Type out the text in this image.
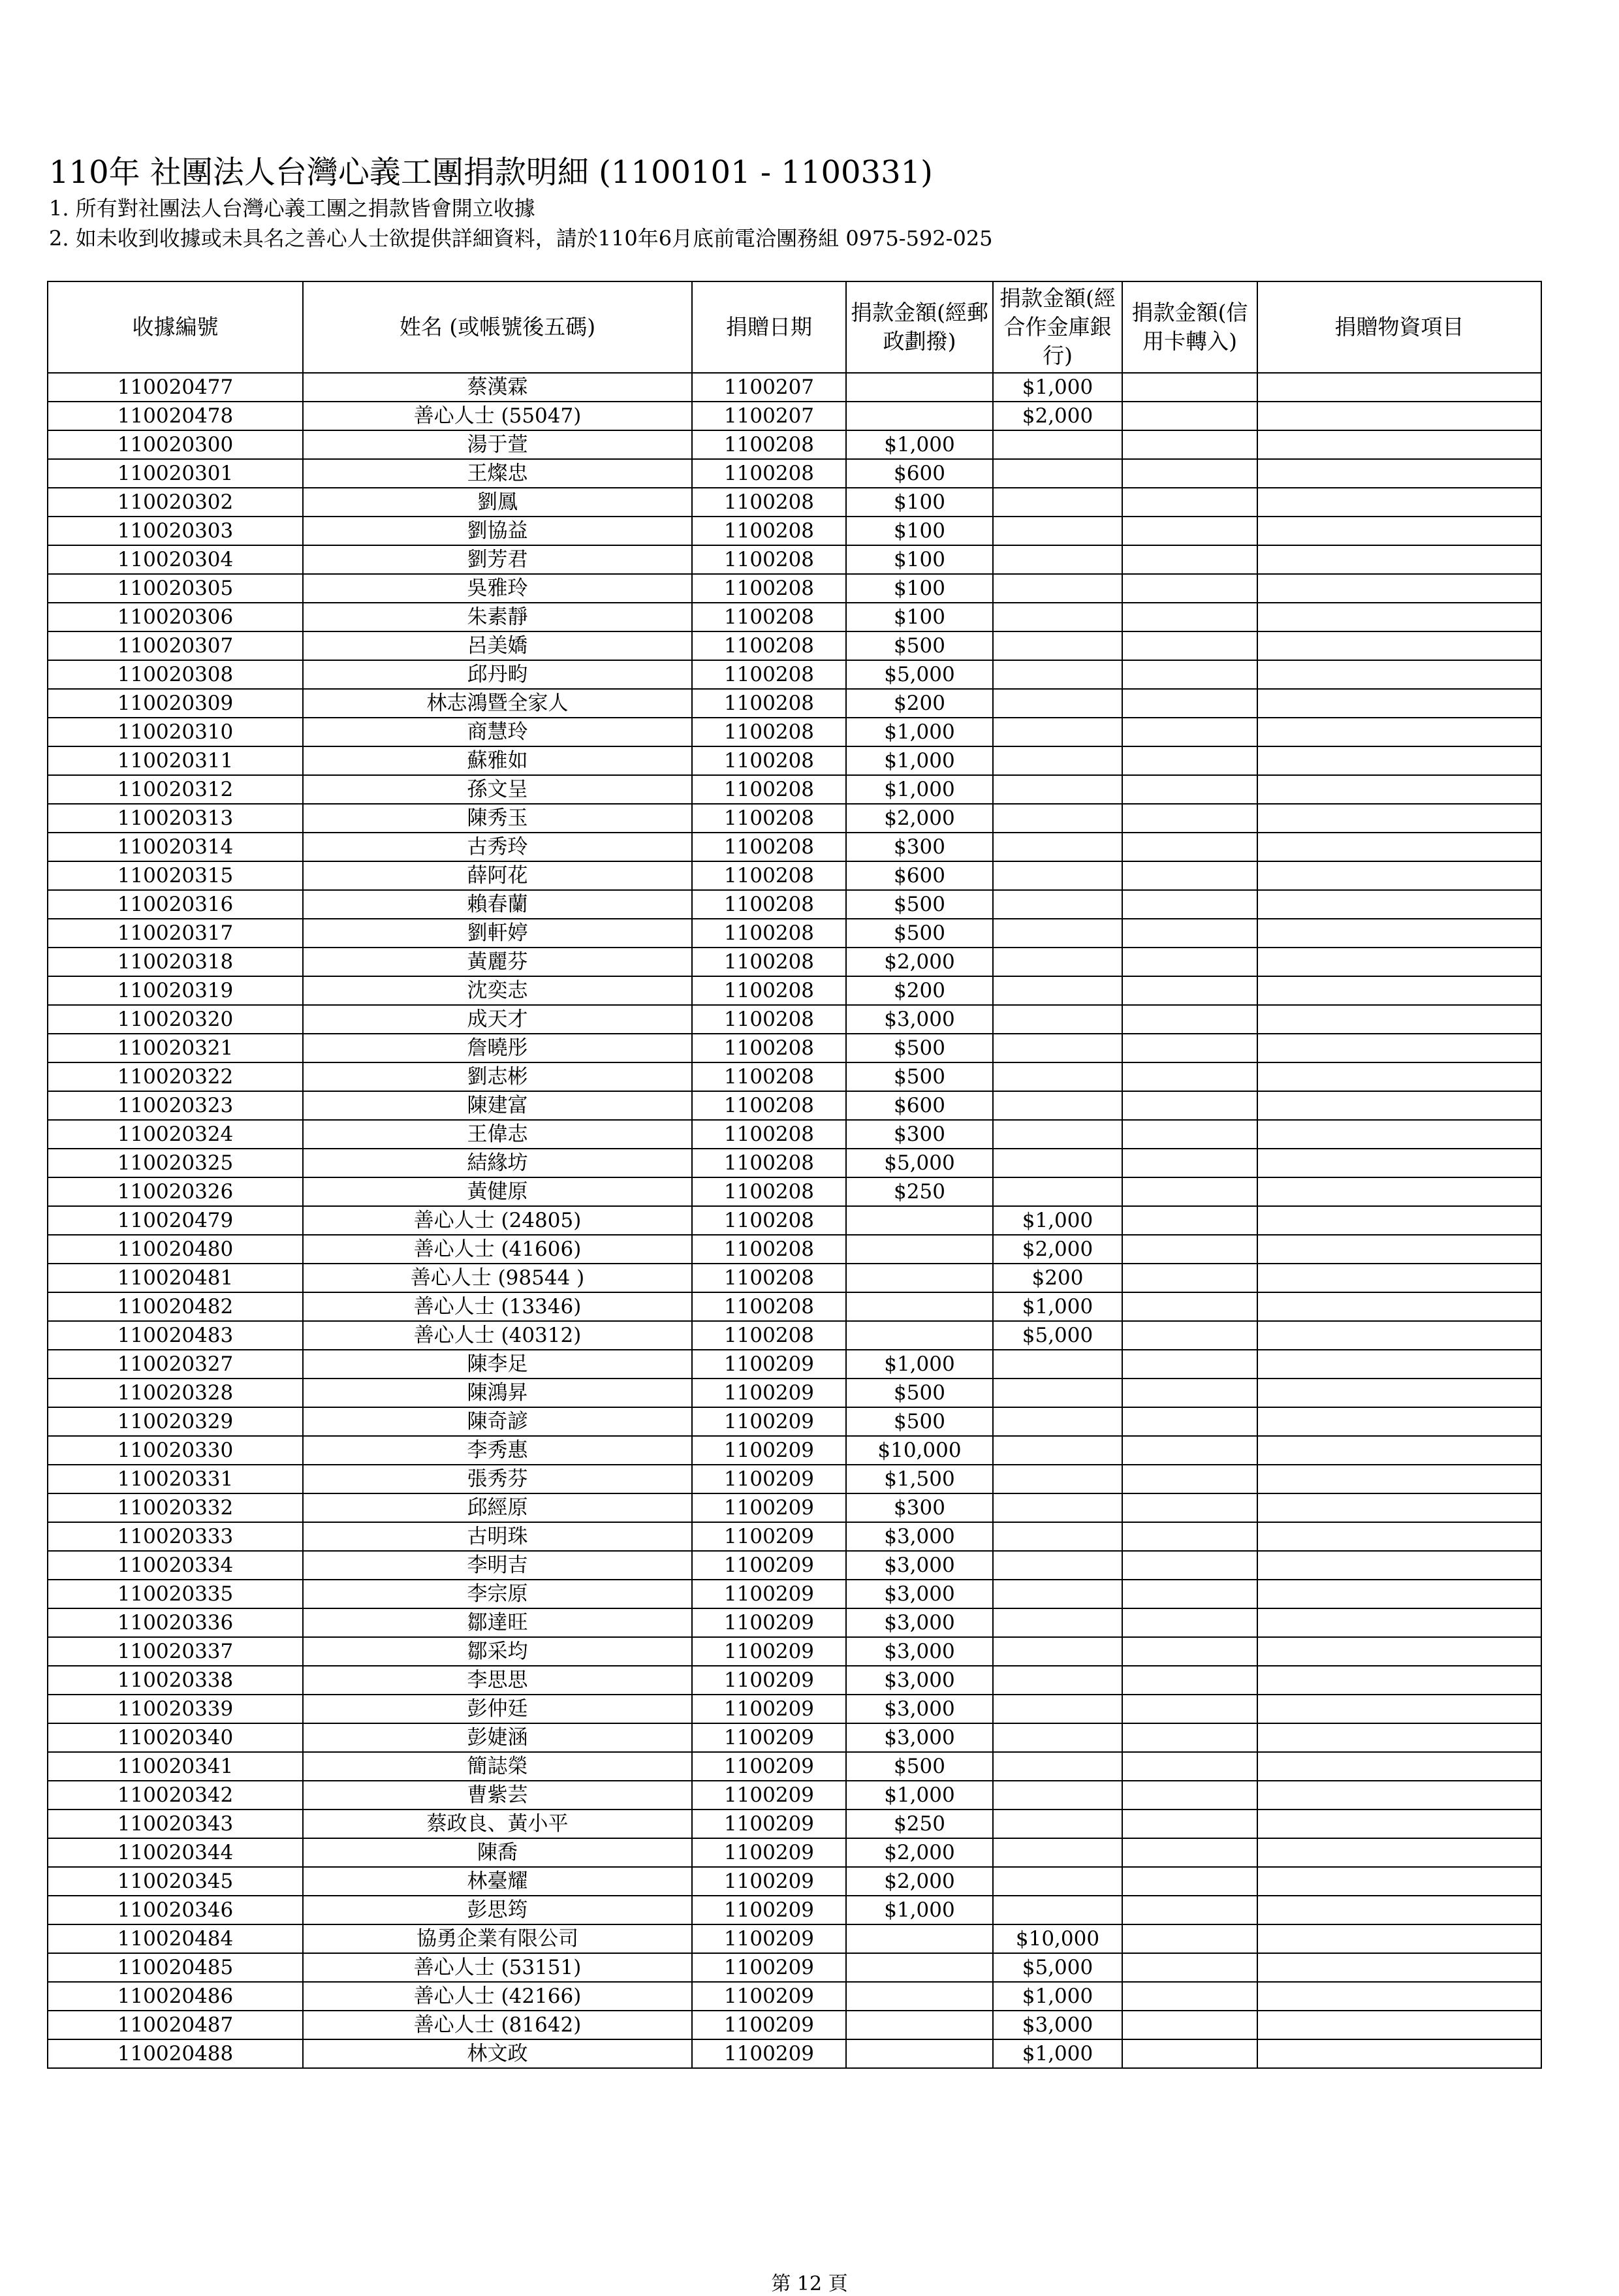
110年 社團法人台灣心義工團捐款明細 (1100101 - 1100331)
1. 所有對社團法人台灣心義工團之捐款皆會開立收據
2. 如未收到收據或未具名之善心人士欲提供詳細資料，請於110年6月底前電洽團務組 0975-592-025
收據編號	姓名 (或帳號後五碼)	捐贈日期	捐款金額(經郵政劃撥)	捐款金額(經合作金庫銀行)	捐款金額(信用卡轉入)	捐贈物資項目
110020477	蔡漢霖	1100207		$1,000		
110020478	善心人士 (55047)	1100207		$2,000		
110020300	湯于萱	1100208	$1,000			
110020301	王燦忠	1100208	$600			
110020302	劉鳳	1100208	$100			
110020303	劉協益	1100208	$100			
110020304	劉芳君	1100208	$100			
110020305	吳雅玲	1100208	$100			
110020306	朱素靜	1100208	$100			
110020307	呂美嬌	1100208	$500			
110020308	邱丹畇	1100208	$5,000			
110020309	林志鴻暨全家人	1100208	$200			
110020310	商慧玲	1100208	$1,000			
110020311	蘇雅如	1100208	$1,000			
110020312	孫文呈	1100208	$1,000			
110020313	陳秀玉	1100208	$2,000			
110020314	古秀玲	1100208	$300			
110020315	薛阿花	1100208	$600			
110020316	賴春蘭	1100208	$500			
110020317	劉軒婷	1100208	$500			
110020318	黃麗芬	1100208	$2,000			
110020319	沈奕志	1100208	$200			
110020320	成天才	1100208	$3,000			
110020321	詹曉彤	1100208	$500			
110020322	劉志彬	1100208	$500			
110020323	陳建富	1100208	$600			
110020324	王偉志	1100208	$300			
110020325	結緣坊	1100208	$5,000			
110020326	黃健原	1100208	$250			
110020479	善心人士 (24805)	1100208		$1,000		
110020480	善心人士 (41606)	1100208		$2,000		
110020481	善心人士 (98544 )	1100208		$200		
110020482	善心人士 (13346)	1100208		$1,000		
110020483	善心人士 (40312)	1100208		$5,000		
110020327	陳李足	1100209	$1,000			
110020328	陳鴻昇	1100209	$500			
110020329	陳奇諺	1100209	$500			
110020330	李秀惠	1100209	$10,000			
110020331	張秀芬	1100209	$1,500			
110020332	邱經原	1100209	$300			
110020333	古明珠	1100209	$3,000			
110020334	李明吉	1100209	$3,000			
110020335	李宗原	1100209	$3,000			
110020336	鄒達旺	1100209	$3,000			
110020337	鄒采均	1100209	$3,000			
110020338	李思思	1100209	$3,000			
110020339	彭仲廷	1100209	$3,000			
110020340	彭婕涵	1100209	$3,000			
110020341	簡誌榮	1100209	$500			
110020342	曹紫芸	1100209	$1,000			
110020343	蔡政良、黃小平	1100209	$250			
110020344	陳喬	1100209	$2,000			
110020345	林臺耀	1100209	$2,000			
110020346	彭思筠	1100209	$1,000			
110020484	協勇企業有限公司	1100209		$10,000		
110020485	善心人士 (53151)	1100209		$5,000		
110020486	善心人士 (42166)	1100209		$1,000		
110020487	善心人士 (81642)	1100209		$3,000		
110020488	林文政	1100209		$1,000		
第 12 頁
